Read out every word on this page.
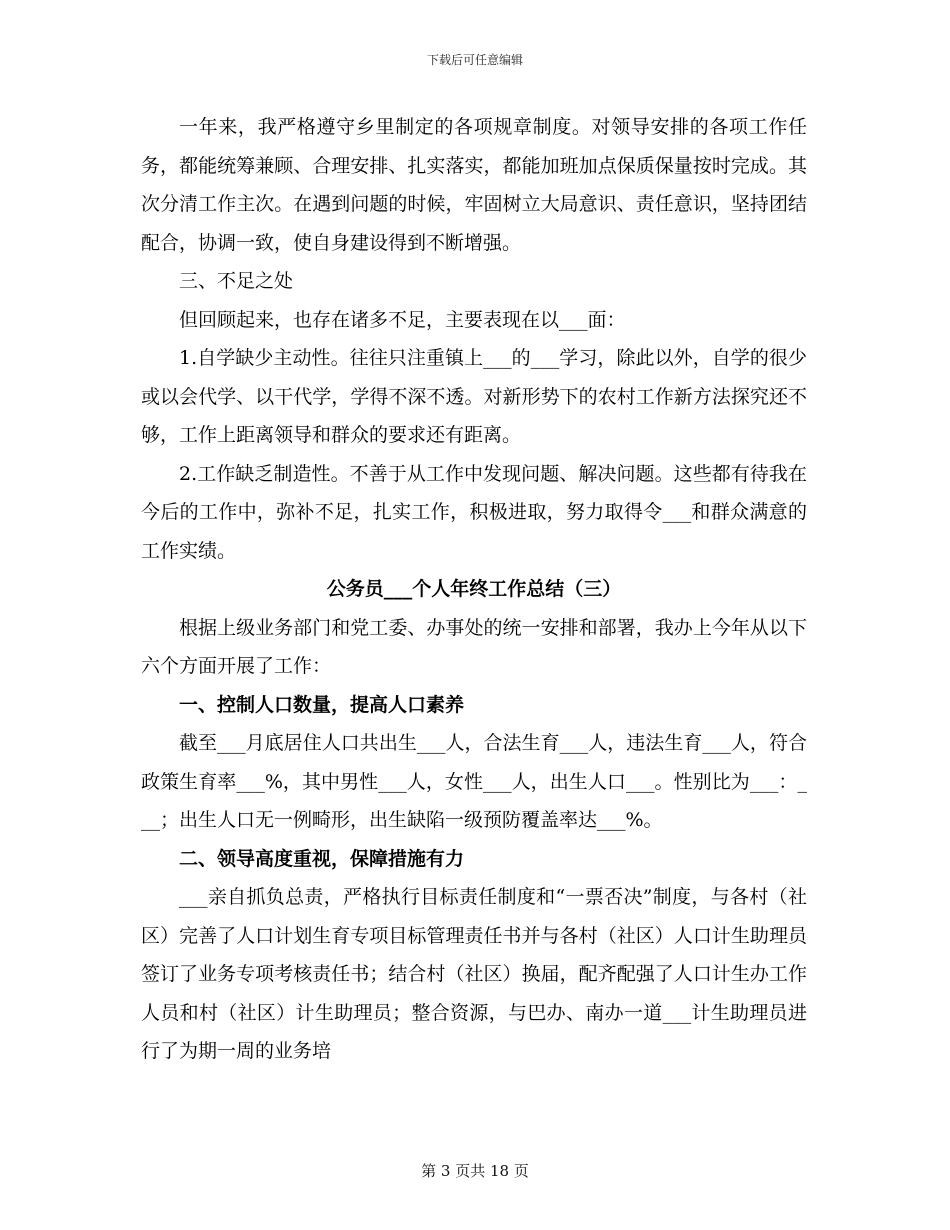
下载后可任意编辑

一年来，我严格遵守乡里制定的各项规章制度。对领导安排的各项工作任务，都能统筹兼顾、合理安排、扎实落实，都能加班加点保质保量按时完成。其次分清工作主次。在遇到问题的时候，牢固树立大局意识、责任意识，坚持团结配合，协调一致，使自身建设得到不断增强。

三、不足之处

但回顾起来，也存在诸多不足，主要表现在以___面：

1.自学缺少主动性。往往只注重镇上___的___学习，除此以外，自学的很少或以会代学、以干代学，学得不深不透。对新形势下的农村工作新方法探究还不够，工作上距离领导和群众的要求还有距离。

2.工作缺乏制造性。不善于从工作中发现问题、解决问题。这些都有待我在今后的工作中，弥补不足，扎实工作，积极进取，努力取得令___和群众满意的工作实绩。

公务员___个人年终工作总结（三）

根据上级业务部门和党工委、办事处的统一安排和部署，我办上今年从以下六个方面开展了工作：

一、控制人口数量，提高人口素养

截至___月底居住人口共出生___人，合法生育___人，违法生育___人，符合政策生育率___%，其中男性___人，女性___人，出生人口___。性别比为___：___；出生人口无一例畸形，出生缺陷一级预防覆盖率达___%。

二、领导高度重视，保障措施有力

___亲自抓负总责，严格执行目标责任制度和“一票否决”制度，与各村（社区）完善了人口计划生育专项目标管理责任书并与各村（社区）人口计生助理员签订了业务专项考核责任书；结合村（社区）换届，配齐配强了人口计生办工作人员和村（社区）计生助理员；整合资源，与巴办、南办一道___计生助理员进行了为期一周的业务培

第 3 页共 18 页
